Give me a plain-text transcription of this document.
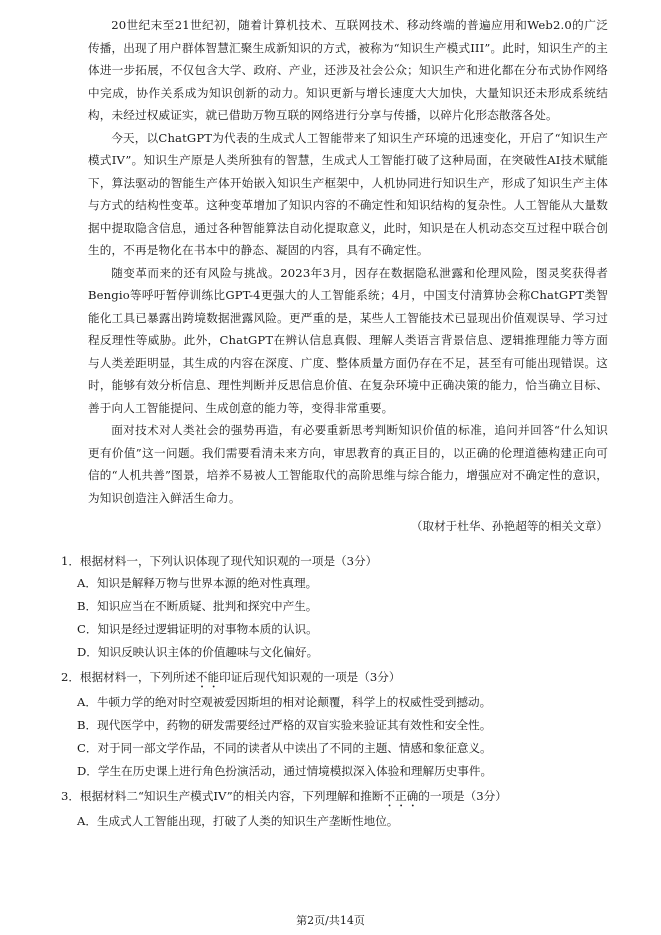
20世纪末至21世纪初，随着计算机技术、互联网技术、移动终端的普遍应用和Web2.0的广泛传播，出现了用户群体智慧汇聚生成新知识的方式，被称为“知识生产模式III”。此时，知识生产的主体进一步拓展，不仅包含大学、政府、产业，还涉及社会公众；知识生产和进化都在分布式协作网络中完成，协作关系成为知识创新的动力。知识更新与增长速度大大加快，大量知识还未形成系统结构，未经过权威证实，就已借助万物互联的网络进行分享与传播，以碎片化形态散落各处。

今天，以ChatGPT为代表的生成式人工智能带来了知识生产环境的迅速变化，开启了“知识生产模式IV”。知识生产原是人类所独有的智慧，生成式人工智能打破了这种局面，在突破性AI技术赋能下，算法驱动的智能生产体开始嵌入知识生产框架中，人机协同进行知识生产，形成了知识生产主体与方式的结构性变革。这种变革增加了知识内容的不确定性和知识结构的复杂性。人工智能从大量数据中提取隐含信息，通过各种智能算法自动化提取意义，此时，知识是在人机动态交互过程中联合创生的，不再是物化在书本中的静态、凝固的内容，具有不确定性。

随变革而来的还有风险与挑战。2023年3月，因存在数据隐私泄露和伦理风险，图灵奖获得者Bengio等呼吁暂停训练比GPT-4更强大的人工智能系统；4月，中国支付清算协会称ChatGPT类智能化工具已暴露出跨境数据泄露风险。更严重的是，某些人工智能技术已显现出价值观误导、学习过程反理性等威胁。此外，ChatGPT在辨认信息真假、理解人类语言背景信息、逻辑推理能力等方面与人类差距明显，其生成的内容在深度、广度、整体质量方面仍存在不足，甚至有可能出现错误。这时，能够有效分析信息、理性判断并反思信息价值、在复杂环境中正确决策的能力，恰当确立目标、善于向人工智能提问、生成创意的能力等，变得非常重要。

面对技术对人类社会的强势再造，有必要重新思考判断知识价值的标准，追问并回答“什么知识更有价值”这一问题。我们需要看清未来方向，审思教育的真正目的，以正确的伦理道德构建正向可信的“人机共善”图景，培养不易被人工智能取代的高阶思维与综合能力，增强应对不确定性的意识，为知识创造注入鲜活生命力。

（取材于杜华、孙艳超等的相关文章）

1．根据材料一，下列认识体现了现代知识观的一项是（3分）

A．知识是解释万物与世界本源的绝对性真理。

B．知识应当在不断质疑、批判和探究中产生。

C．知识是经过逻辑证明的对事物本质的认识。

D．知识反映认识主体的价值趣味与文化偏好。

2．根据材料一，下列所述不能印证后现代知识观的一项是（3分）

A．牛顿力学的绝对时空观被爱因斯坦的相对论颠覆，科学上的权威性受到撼动。

B．现代医学中，药物的研发需要经过严格的双盲实验来验证其有效性和安全性。

C．对于同一部文学作品，不同的读者从中读出了不同的主题、情感和象征意义。

D．学生在历史课上进行角色扮演活动，通过情境模拟深入体验和理解历史事件。

3．根据材料二“知识生产模式IV”的相关内容，下列理解和推断不正确的一项是（3分）

A．生成式人工智能出现，打破了人类的知识生产垄断性地位。

第2页/共14页
